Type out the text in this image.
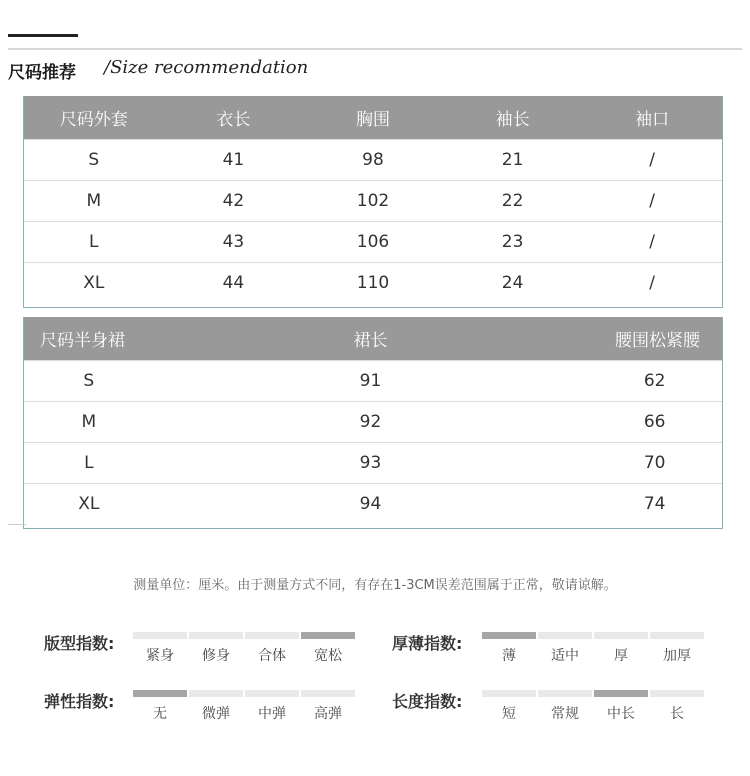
尺码推荐 /Size recommendation
尺码外套	衣长	胸围	袖长	袖口
S	41	98	21	/
M	42	102	22	/
L	43	106	23	/
XL	44	110	24	/
尺码半身裙	裙长	腰围松紧腰
S	91	62
M	92	66
L	93	70
XL	94	74
测量单位：厘米。由于测量方式不同，有存在1-3CM误差范围属于正常，敬请谅解。
版型指数:
紧身	修身	合体	宽松
厚薄指数:
薄	适中	厚	加厚
弹性指数:
无	微弹	中弹	高弹
长度指数:
短	常规	中长	长
